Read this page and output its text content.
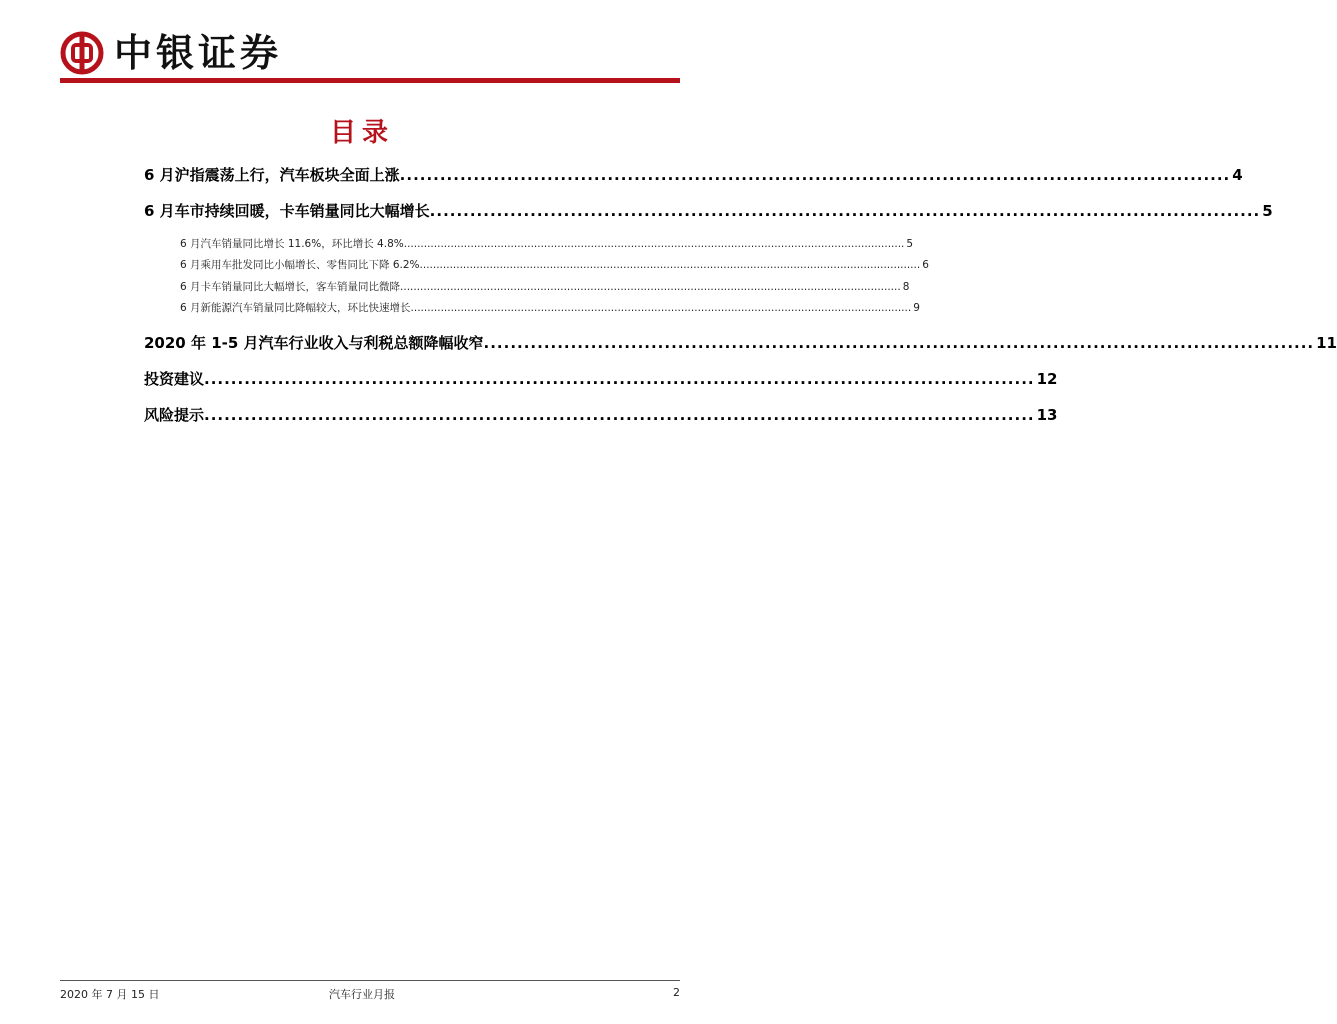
中银证券
目录
6 月沪指震荡上行，汽车板块全面上涨 ............................................................................................................................ 4
6 月车市持续回暖，卡车销量同比大幅增长 ............................................................................................................................ 5
6 月汽车销量同比增长 11.6%，环比增长 4.8% ...................................................................................................................................................... 5
6 月乘用车批发同比小幅增长、零售同比下降 6.2% ...................................................................................................................................................... 6
6 月卡车销量同比大幅增长，客车销量同比微降 ...................................................................................................................................................... 8
6 月新能源汽车销量同比降幅较大，环比快速增长 ...................................................................................................................................................... 9
2020 年 1-5 月汽车行业收入与利税总额降幅收窄 ............................................................................................................................ 11
投资建议 ............................................................................................................................ 12
风险提示 ............................................................................................................................ 13
2020 年 7 月 15 日	汽车行业月报	2
